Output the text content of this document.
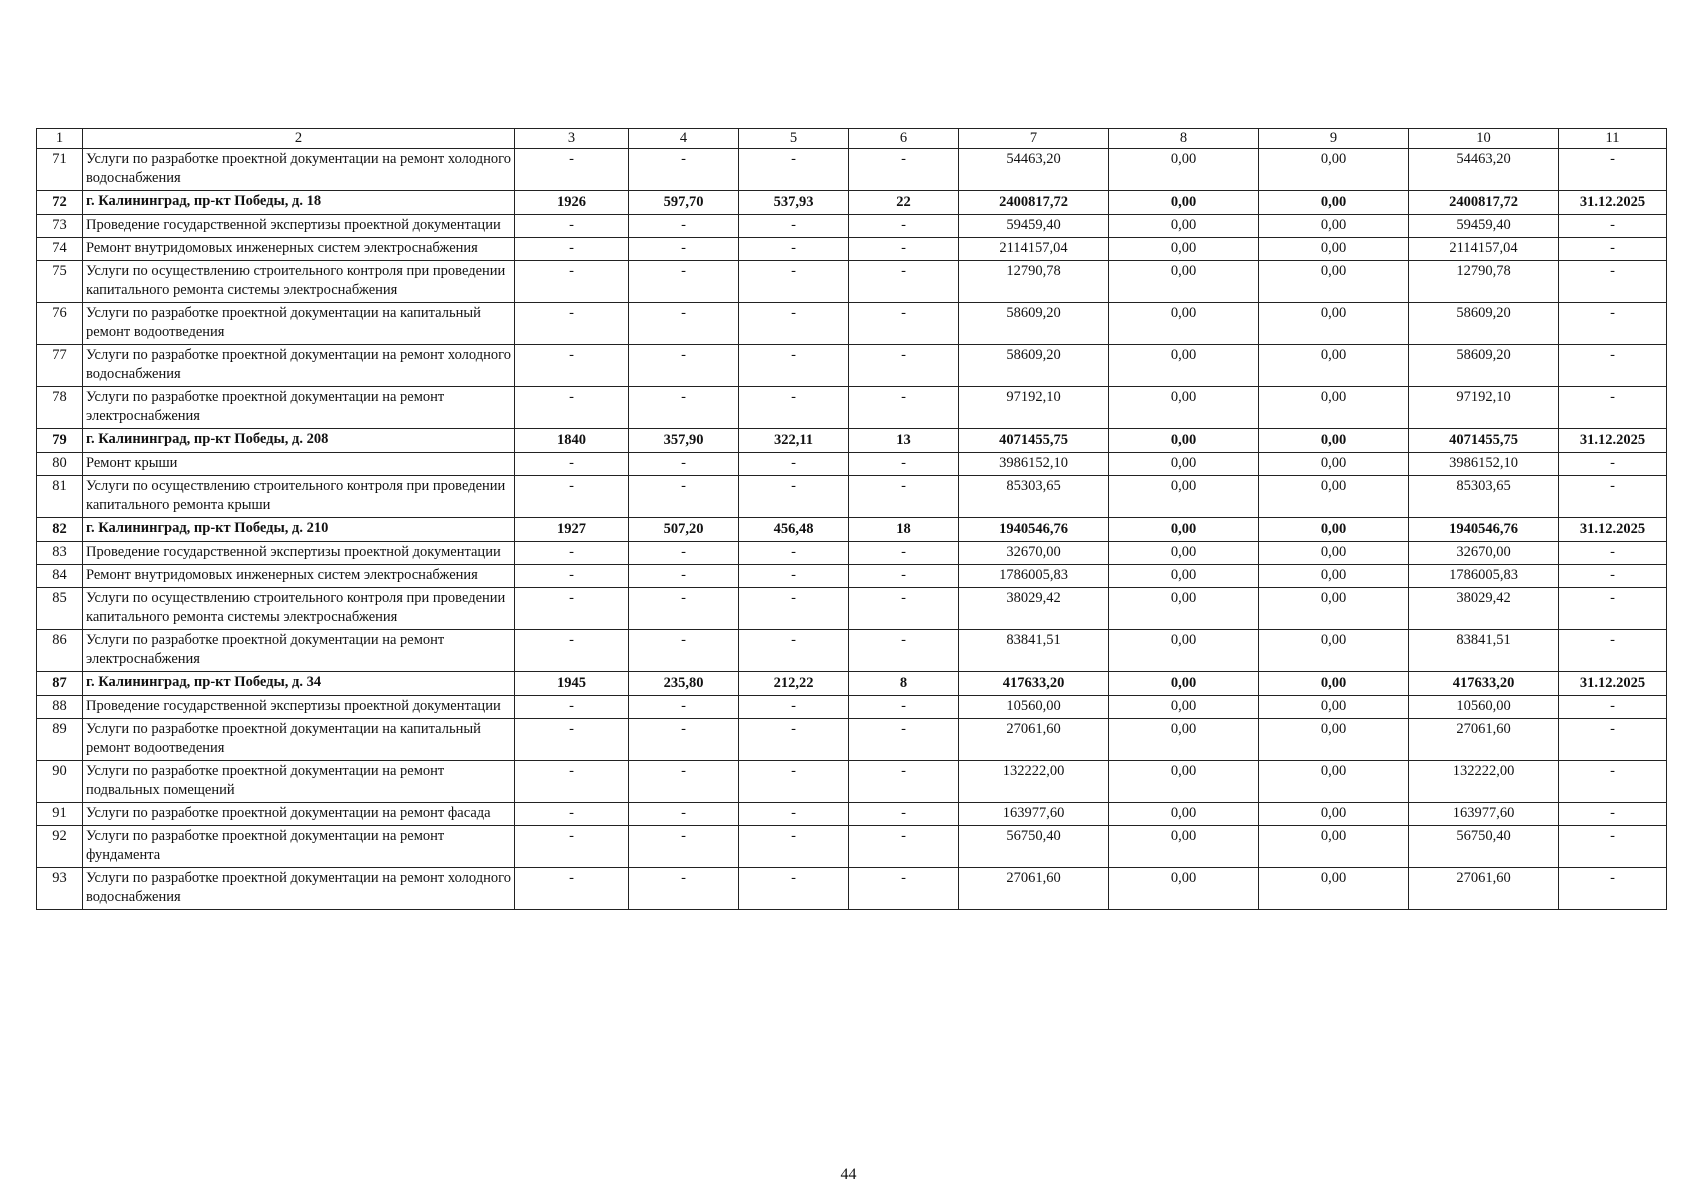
1	2	3	4	5	6	7	8	9	10	11
71	Услуги по разработке проектной документации на ремонт холодного водоснабжения	-	-	-	-	54463,20	0,00	0,00	54463,20	-
72	г. Калининград, пр-кт Победы, д. 18	1926	597,70	537,93	22	2400817,72	0,00	0,00	2400817,72	31.12.2025
73	Проведение государственной экспертизы проектной документации	-	-	-	-	59459,40	0,00	0,00	59459,40	-
74	Ремонт внутридомовых инженерных систем электроснабжения	-	-	-	-	2114157,04	0,00	0,00	2114157,04	-
75	Услуги по осуществлению строительного контроля при проведении капитального ремонта системы электроснабжения	-	-	-	-	12790,78	0,00	0,00	12790,78	-
76	Услуги по разработке проектной документации на капитальный ремонт водоотведения	-	-	-	-	58609,20	0,00	0,00	58609,20	-
77	Услуги по разработке проектной документации на ремонт холодного водоснабжения	-	-	-	-	58609,20	0,00	0,00	58609,20	-
78	Услуги по разработке проектной документации на ремонт электроснабжения	-	-	-	-	97192,10	0,00	0,00	97192,10	-
79	г. Калининград, пр-кт Победы, д. 208	1840	357,90	322,11	13	4071455,75	0,00	0,00	4071455,75	31.12.2025
80	Ремонт крыши	-	-	-	-	3986152,10	0,00	0,00	3986152,10	-
81	Услуги по осуществлению строительного контроля при проведении капитального ремонта крыши	-	-	-	-	85303,65	0,00	0,00	85303,65	-
82	г. Калининград, пр-кт Победы, д. 210	1927	507,20	456,48	18	1940546,76	0,00	0,00	1940546,76	31.12.2025
83	Проведение государственной экспертизы проектной документации	-	-	-	-	32670,00	0,00	0,00	32670,00	-
84	Ремонт внутридомовых инженерных систем электроснабжения	-	-	-	-	1786005,83	0,00	0,00	1786005,83	-
85	Услуги по осуществлению строительного контроля при проведении капитального ремонта системы электроснабжения	-	-	-	-	38029,42	0,00	0,00	38029,42	-
86	Услуги по разработке проектной документации на ремонт электроснабжения	-	-	-	-	83841,51	0,00	0,00	83841,51	-
87	г. Калининград, пр-кт Победы, д. 34	1945	235,80	212,22	8	417633,20	0,00	0,00	417633,20	31.12.2025
88	Проведение государственной экспертизы проектной документации	-	-	-	-	10560,00	0,00	0,00	10560,00	-
89	Услуги по разработке проектной документации на капитальный ремонт водоотведения	-	-	-	-	27061,60	0,00	0,00	27061,60	-
90	Услуги по разработке проектной документации на ремонт подвальных помещений	-	-	-	-	132222,00	0,00	0,00	132222,00	-
91	Услуги по разработке проектной документации на ремонт фасада	-	-	-	-	163977,60	0,00	0,00	163977,60	-
92	Услуги по разработке проектной документации на ремонт фундамента	-	-	-	-	56750,40	0,00	0,00	56750,40	-
93	Услуги по разработке проектной документации на ремонт холодного водоснабжения	-	-	-	-	27061,60	0,00	0,00	27061,60	-
44
